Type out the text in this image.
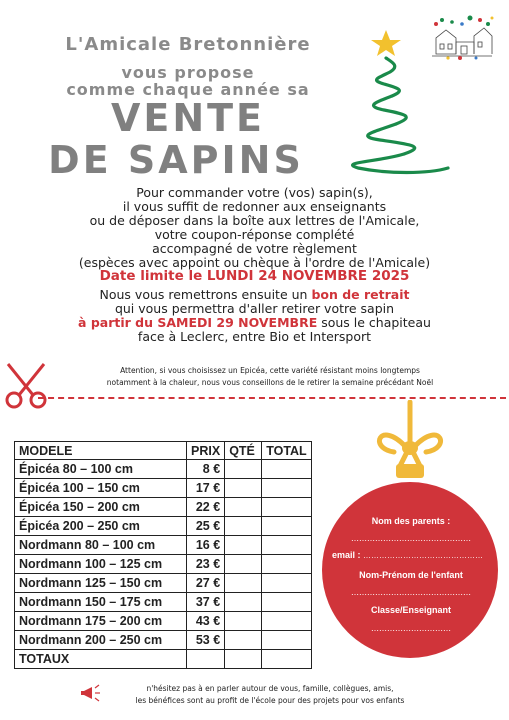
L'Amicale Bretonnière
vous propose
comme chaque année sa
VENTE
DE SAPINS
Pour commander votre (vos) sapin(s),
il vous suffit de redonner aux enseignants
ou de déposer dans la boîte aux lettres de l'Amicale,
votre coupon-réponse complété
accompagné de votre règlement
(espèces avec appoint ou chèque à l'ordre de l'Amicale)
Date limite le LUNDI 24 NOVEMBRE 2025
Nous vous remettrons ensuite un bon de retrait
qui vous permettra d'aller retirer votre sapin
à partir du SAMEDI 29 NOVEMBRE sous le chapiteau
face à Leclerc, entre Bio et Intersport
Attention, si vous choisissez un Epicéa, cette variété résistant moins longtemps
notamment à la chaleur, nous vous conseillons de le retirer la semaine précédant Noël
MODELE	PRIX	QTÉ	TOTAL
Épicéa 80 – 100 cm	8 €		
Épicéa 100 – 150 cm	17 €		
Épicéa 150 – 200 cm	22 €		
Épicéa 200 – 250 cm	25 €		
Nordmann 80 – 100 cm	16 €		
Nordmann 100 – 125 cm	23 €		
Nordmann 125 – 150 cm	27 €		
Nordmann 150 – 175 cm	37 €		
Nordmann 175 – 200 cm	43 €		
Nordmann 200 – 250 cm	53 €		
TOTAUX			
Nom des parents :
………………………………………
email : ………………………………………
Nom-Prénom de l'enfant
………………………………………
Classe/Enseignant
…………………………
n'hésitez pas à en parler autour de vous, famille, collègues, amis,
les bénéfices sont au profit de l'école pour des projets pour vos enfants
